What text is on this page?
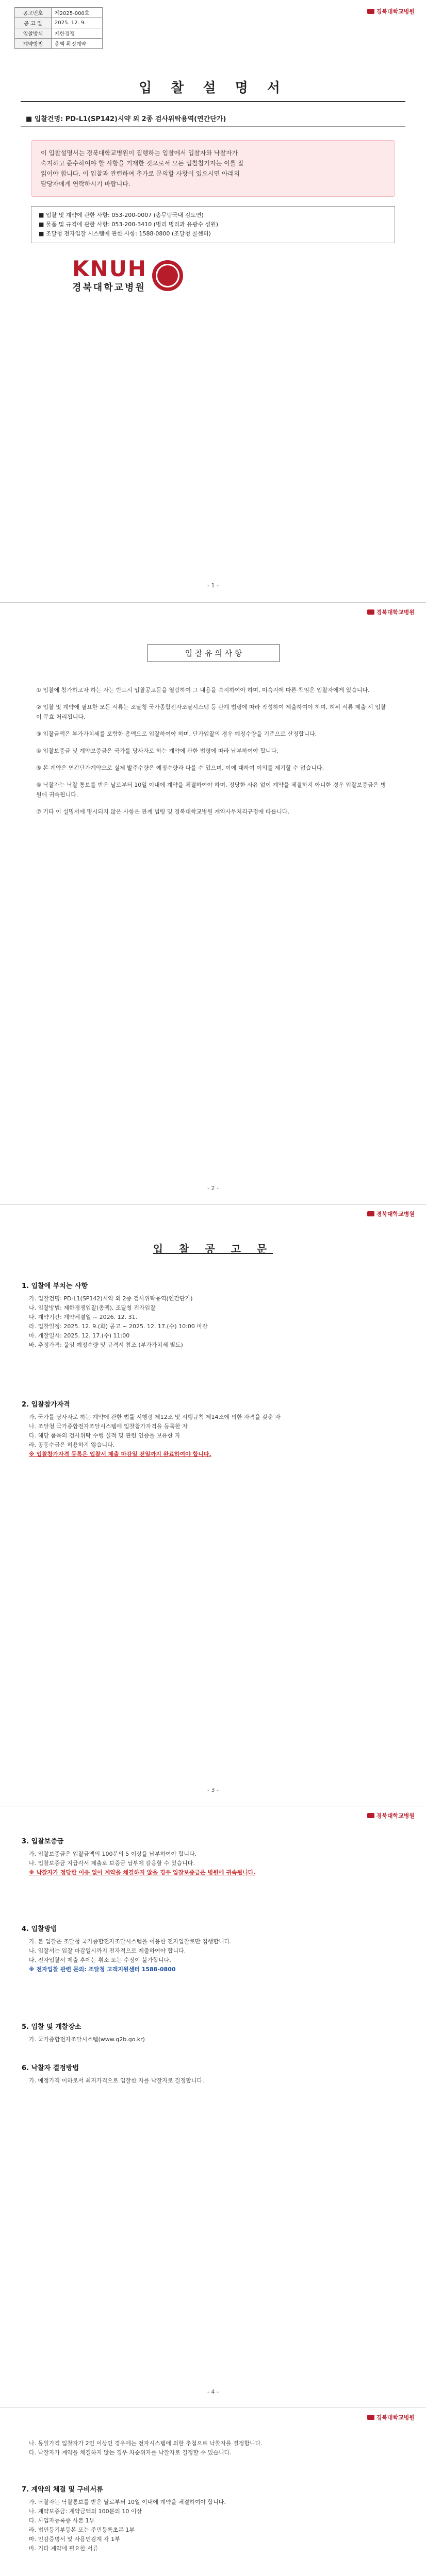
경북대학교병원
공고번호	제2025-000호
공 고 일	2025. 12. 9.
입찰방식	제한경쟁
계약방법	총액 확정계약
입 찰 설 명 서
■ 입찰건명: PD-L1(SP142)시약 외 2종 검사위탁용역(연간단가)
이 입찰설명서는 경북대학교병원이 집행하는 입찰에서 입찰자와 낙찰자가
숙지하고 준수하여야 할 사항을 기재한 것으로서 모든 입찰참가자는 이를 잘
읽어야 합니다. 이 입찰과 관련하여 추가로 문의할 사항이 있으시면 아래의
담당자에게 연락하시기 바랍니다.
■ 입찰 및 계약에 관한 사항: 053-200-0007 (총무팀국내 김도연)
■ 물품 및 규격에 관한 사항: 053-200-3410 (병리 병리과 유광수 성원)
■ 조달청 전자입찰 시스템에 관한 사항: 1588-0800 (조달청 콜센터)
KNUH
경북대학교병원
- 1 -
경북대학교병원
입 찰 유 의 사 항
① 입찰에 참가하고자 하는 자는 반드시 입찰공고문을 열람하여 그 내용을 숙지하여야 하며, 미숙지에 따른 책임은 입찰자에게 있습니다.
② 입찰 및 계약에 필요한 모든 서류는 조달청 국가종합전자조달시스템 등 관계 법령에 따라 작성하여 제출하여야 하며, 허위 서류 제출 시 입찰이 무효 처리됩니다.
③ 입찰금액은 부가가치세를 포함한 총액으로 입찰하여야 하며, 단가입찰의 경우 예정수량을 기준으로 산정합니다.
④ 입찰보증금 및 계약보증금은 국가를 당사자로 하는 계약에 관한 법령에 따라 납부하여야 합니다.
⑤ 본 계약은 연간단가계약으로 실제 발주수량은 예정수량과 다를 수 있으며, 이에 대하여 이의를 제기할 수 없습니다.
⑥ 낙찰자는 낙찰 통보를 받은 날로부터 10일 이내에 계약을 체결하여야 하며, 정당한 사유 없이 계약을 체결하지 아니한 경우 입찰보증금은 병원에 귀속됩니다.
⑦ 기타 이 설명서에 명시되지 않은 사항은 관계 법령 및 경북대학교병원 계약사무처리규정에 따릅니다.
- 2 -
경북대학교병원
입 찰 공 고 문
1. 입찰에 부치는 사항
가. 입찰건명: PD-L1(SP142)시약 외 2종 검사위탁용역(연간단가)
나. 입찰방법: 제한경쟁입찰(총액), 조달청 전자입찰
다. 계약기간: 계약체결일 ~ 2026. 12. 31.
라. 입찰일정: 2025. 12. 9.(화) 공고 ~ 2025. 12. 17.(수) 10:00 마감
마. 개찰일시: 2025. 12. 17.(수) 11:00
바. 추정가격: 붙임 예정수량 및 규격서 참조 (부가가치세 별도)
2. 입찰참가자격
가. 국가를 당사자로 하는 계약에 관한 법률 시행령 제12조 및 시행규칙 제14조에 의한 자격을 갖춘 자
나. 조달청 국가종합전자조달시스템에 입찰참가자격을 등록한 자
다. 해당 품목의 검사위탁 수행 실적 및 관련 인증을 보유한 자
라. 공동수급은 허용하지 않습니다.
※ 입찰참가자격 등록은 입찰서 제출 마감일 전일까지 완료하여야 합니다.
- 3 -
경북대학교병원
3. 입찰보증금
가. 입찰보증금은 입찰금액의 100분의 5 이상을 납부하여야 합니다.
나. 입찰보증금 지급각서 제출로 보증금 납부에 갈음할 수 있습니다.
※ 낙찰자가 정당한 이유 없이 계약을 체결하지 않을 경우 입찰보증금은 병원에 귀속됩니다.
4. 입찰방법
가. 본 입찰은 조달청 국가종합전자조달시스템을 이용한 전자입찰로만 집행합니다.
나. 입찰서는 입찰 마감일시까지 전자적으로 제출하여야 합니다.
다. 전자입찰서 제출 후에는 취소 또는 수정이 불가합니다.
※ 전자입찰 관련 문의: 조달청 고객지원센터 1588-0800
5. 입찰 및 개찰장소
가. 국가종합전자조달시스템(www.g2b.go.kr)
6. 낙찰자 결정방법
가. 예정가격 이하로서 최저가격으로 입찰한 자를 낙찰자로 결정합니다.
- 4 -
경북대학교병원
나. 동일가격 입찰자가 2인 이상인 경우에는 전자시스템에 의한 추첨으로 낙찰자를 결정합니다.
다. 낙찰자가 계약을 체결하지 않는 경우 차순위자를 낙찰자로 결정할 수 있습니다.
7. 계약의 체결 및 구비서류
가. 낙찰자는 낙찰통보를 받은 날로부터 10일 이내에 계약을 체결하여야 합니다.
나. 계약보증금: 계약금액의 100분의 10 이상
다. 사업자등록증 사본 1부
라. 법인등기부등본 또는 주민등록초본 1부
마. 인감증명서 및 사용인감계 각 1부
바. 기타 계약에 필요한 서류
